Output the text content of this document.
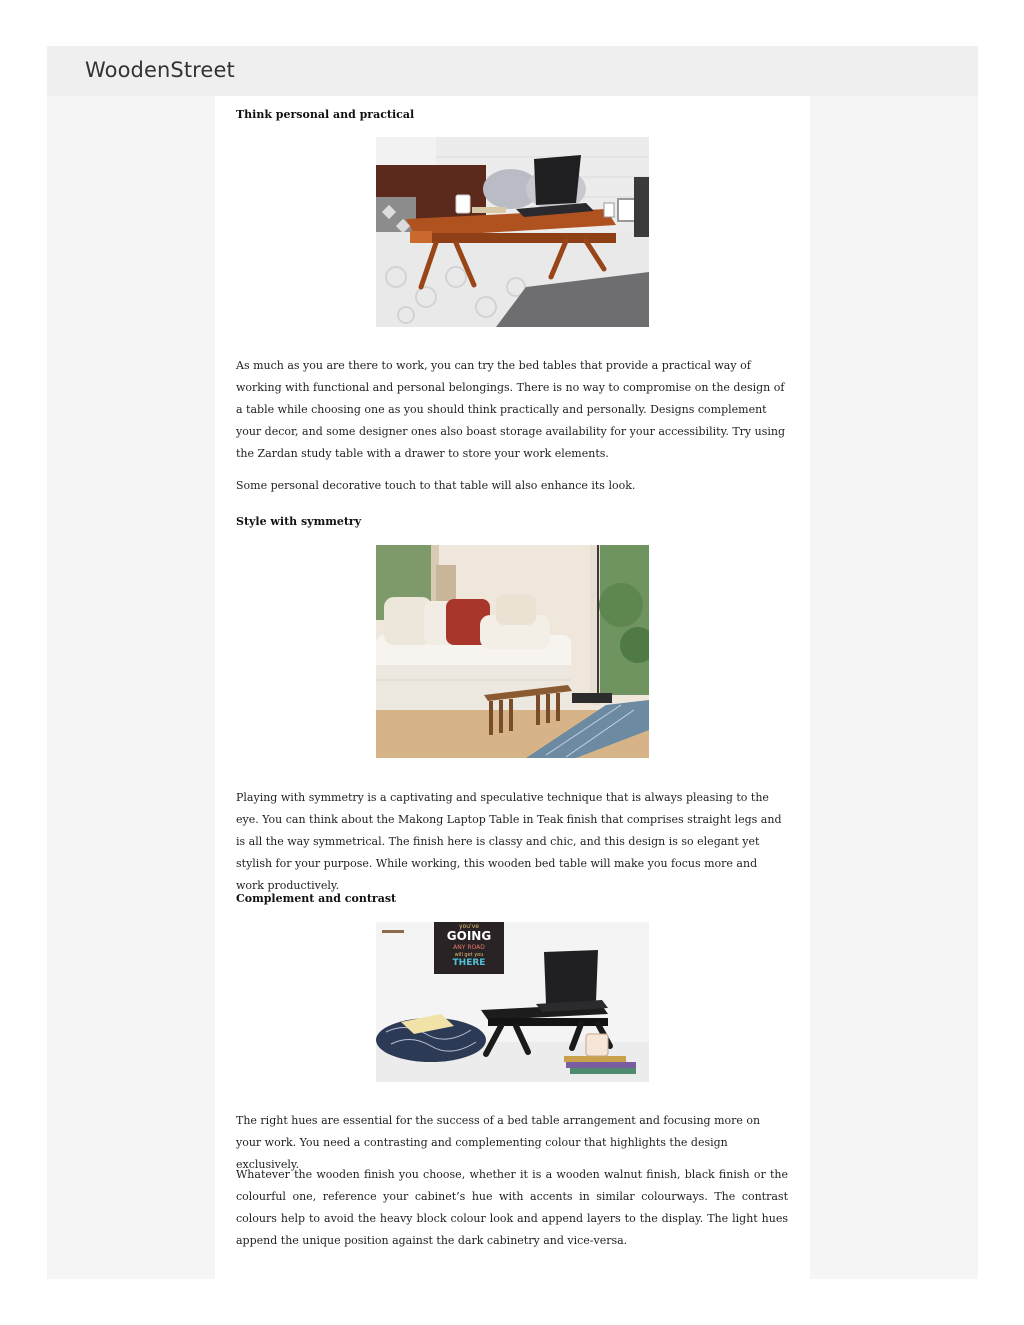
WoodenStreet
Think personal and practical

As much as you are there to work, you can try the bed tables that provide a practical way of working with functional and personal belongings. There is no way to compromise on the design of a table while choosing one as you should think practically and personally. Designs complement your decor, and some designer ones also boast storage availability for your accessibility. Try using the Zardan study table with a drawer to store your work elements.

Some personal decorative touch to that table will also enhance its look.

Style with symmetry

Playing with symmetry is a captivating and speculative technique that is always pleasing to the eye. You can think about the Makong Laptop Table in Teak finish that comprises straight legs and is all the way symmetrical. The finish here is classy and chic, and this design is so elegant yet stylish for your purpose. While working, this wooden bed table will make you focus more and work productively.

Complement and contrast
you've
GOING
ANY ROAD
will get you
THERE

The right hues are essential for the success of a bed table arrangement and focusing more on your work. You need a contrasting and complementing colour that highlights the design exclusively.

Whatever the wooden finish you choose, whether it is a wooden walnut finish, black finish or the colourful one, reference your cabinet’s hue with accents in similar colourways. The contrast colours help to avoid the heavy block colour look and append layers to the display. The light hues append the unique position against the dark cabinetry and vice-versa.
